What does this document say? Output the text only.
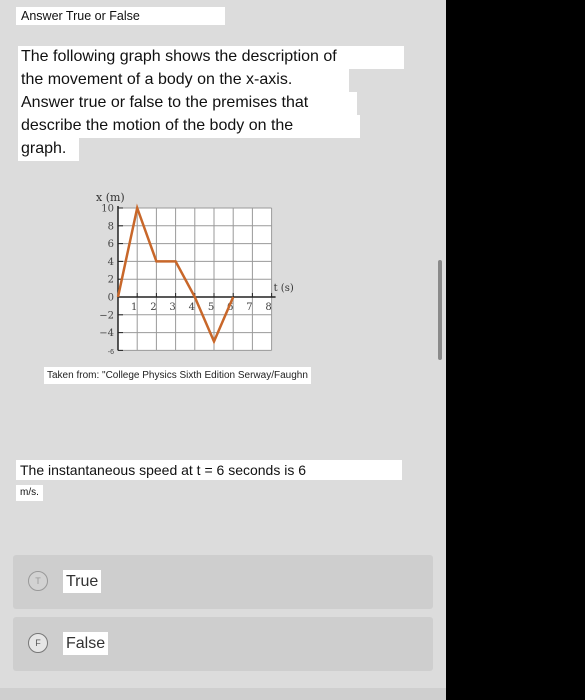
Answer True or False
The following graph shows the description of
the movement of a body on the x-axis.
Answer true or false to the premises that
describe the motion of the body on the
graph.
x (m)
t (s)
10
8
6
4
2
0
−2
−4
-6
1 2 3 4 5 6 7 8
Taken from: "College Physics Sixth Edition Serway/Faughn
The instantaneous speed at t = 6 seconds is 6
m/s.
T	True
F	False
